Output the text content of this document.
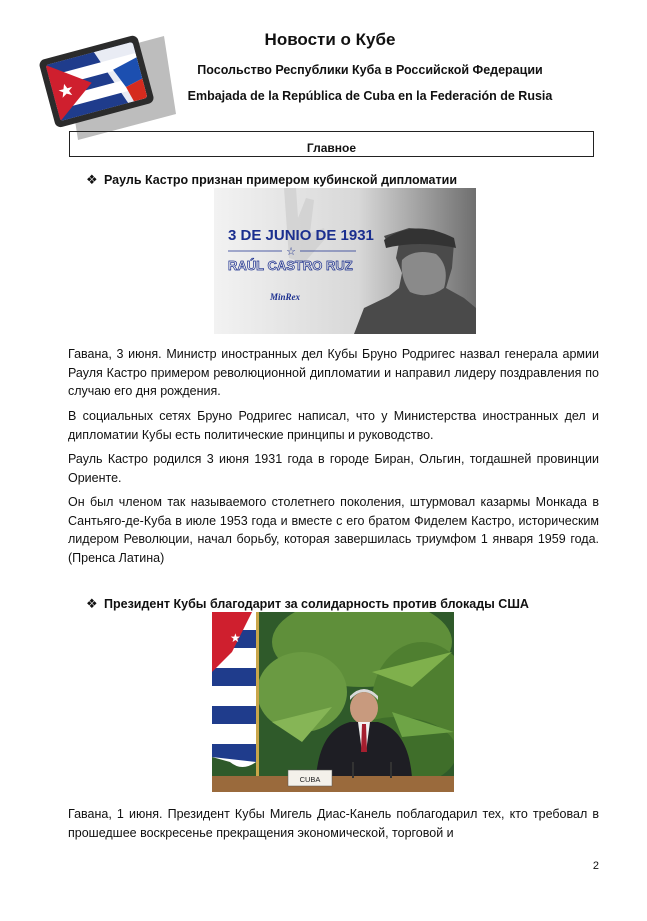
Новости о Кубе
Посольство Республики Куба в Российской Федерации
Embajada de la República de Cuba en la Federación de Rusia
Главное
❖ Рауль Кастро признан примером кубинской дипломатии
3 DE JUNIO DE 1931
☆
RAÚL CASTRO RUZ
MinRex

Гавана, 3 июня. Министр иностранных дел Кубы Бруно Родригес назвал генерала армии Рауля Кастро примером революционной дипломатии и направил лидеру поздравления по случаю его дня рождения.

В социальных сетях Бруно Родригес написал, что у Министерства иностранных дел и дипломатии Кубы есть политические принципы и руководство.

Рауль Кастро родился 3 июня 1931 года в городе Биран, Ольгин, тогдашней провинции Ориенте.

Он был членом так называемого столетнего поколения, штурмовал казармы Монкада в Сантьяго-де-Куба в июле 1953 года и вместе с его братом Фиделем Кастро, историческим лидером Революции, начал борьбу, которая завершилась триумфом 1 января 1959 года. (Пренса Латина)

❖ Президент Кубы благодарит за солидарность против блокады США
★
CUBA

Гавана, 1 июня. Президент Кубы Мигель Диас-Канель поблагодарил тех, кто требовал в прошедшее воскресенье прекращения экономической, торговой и

2
